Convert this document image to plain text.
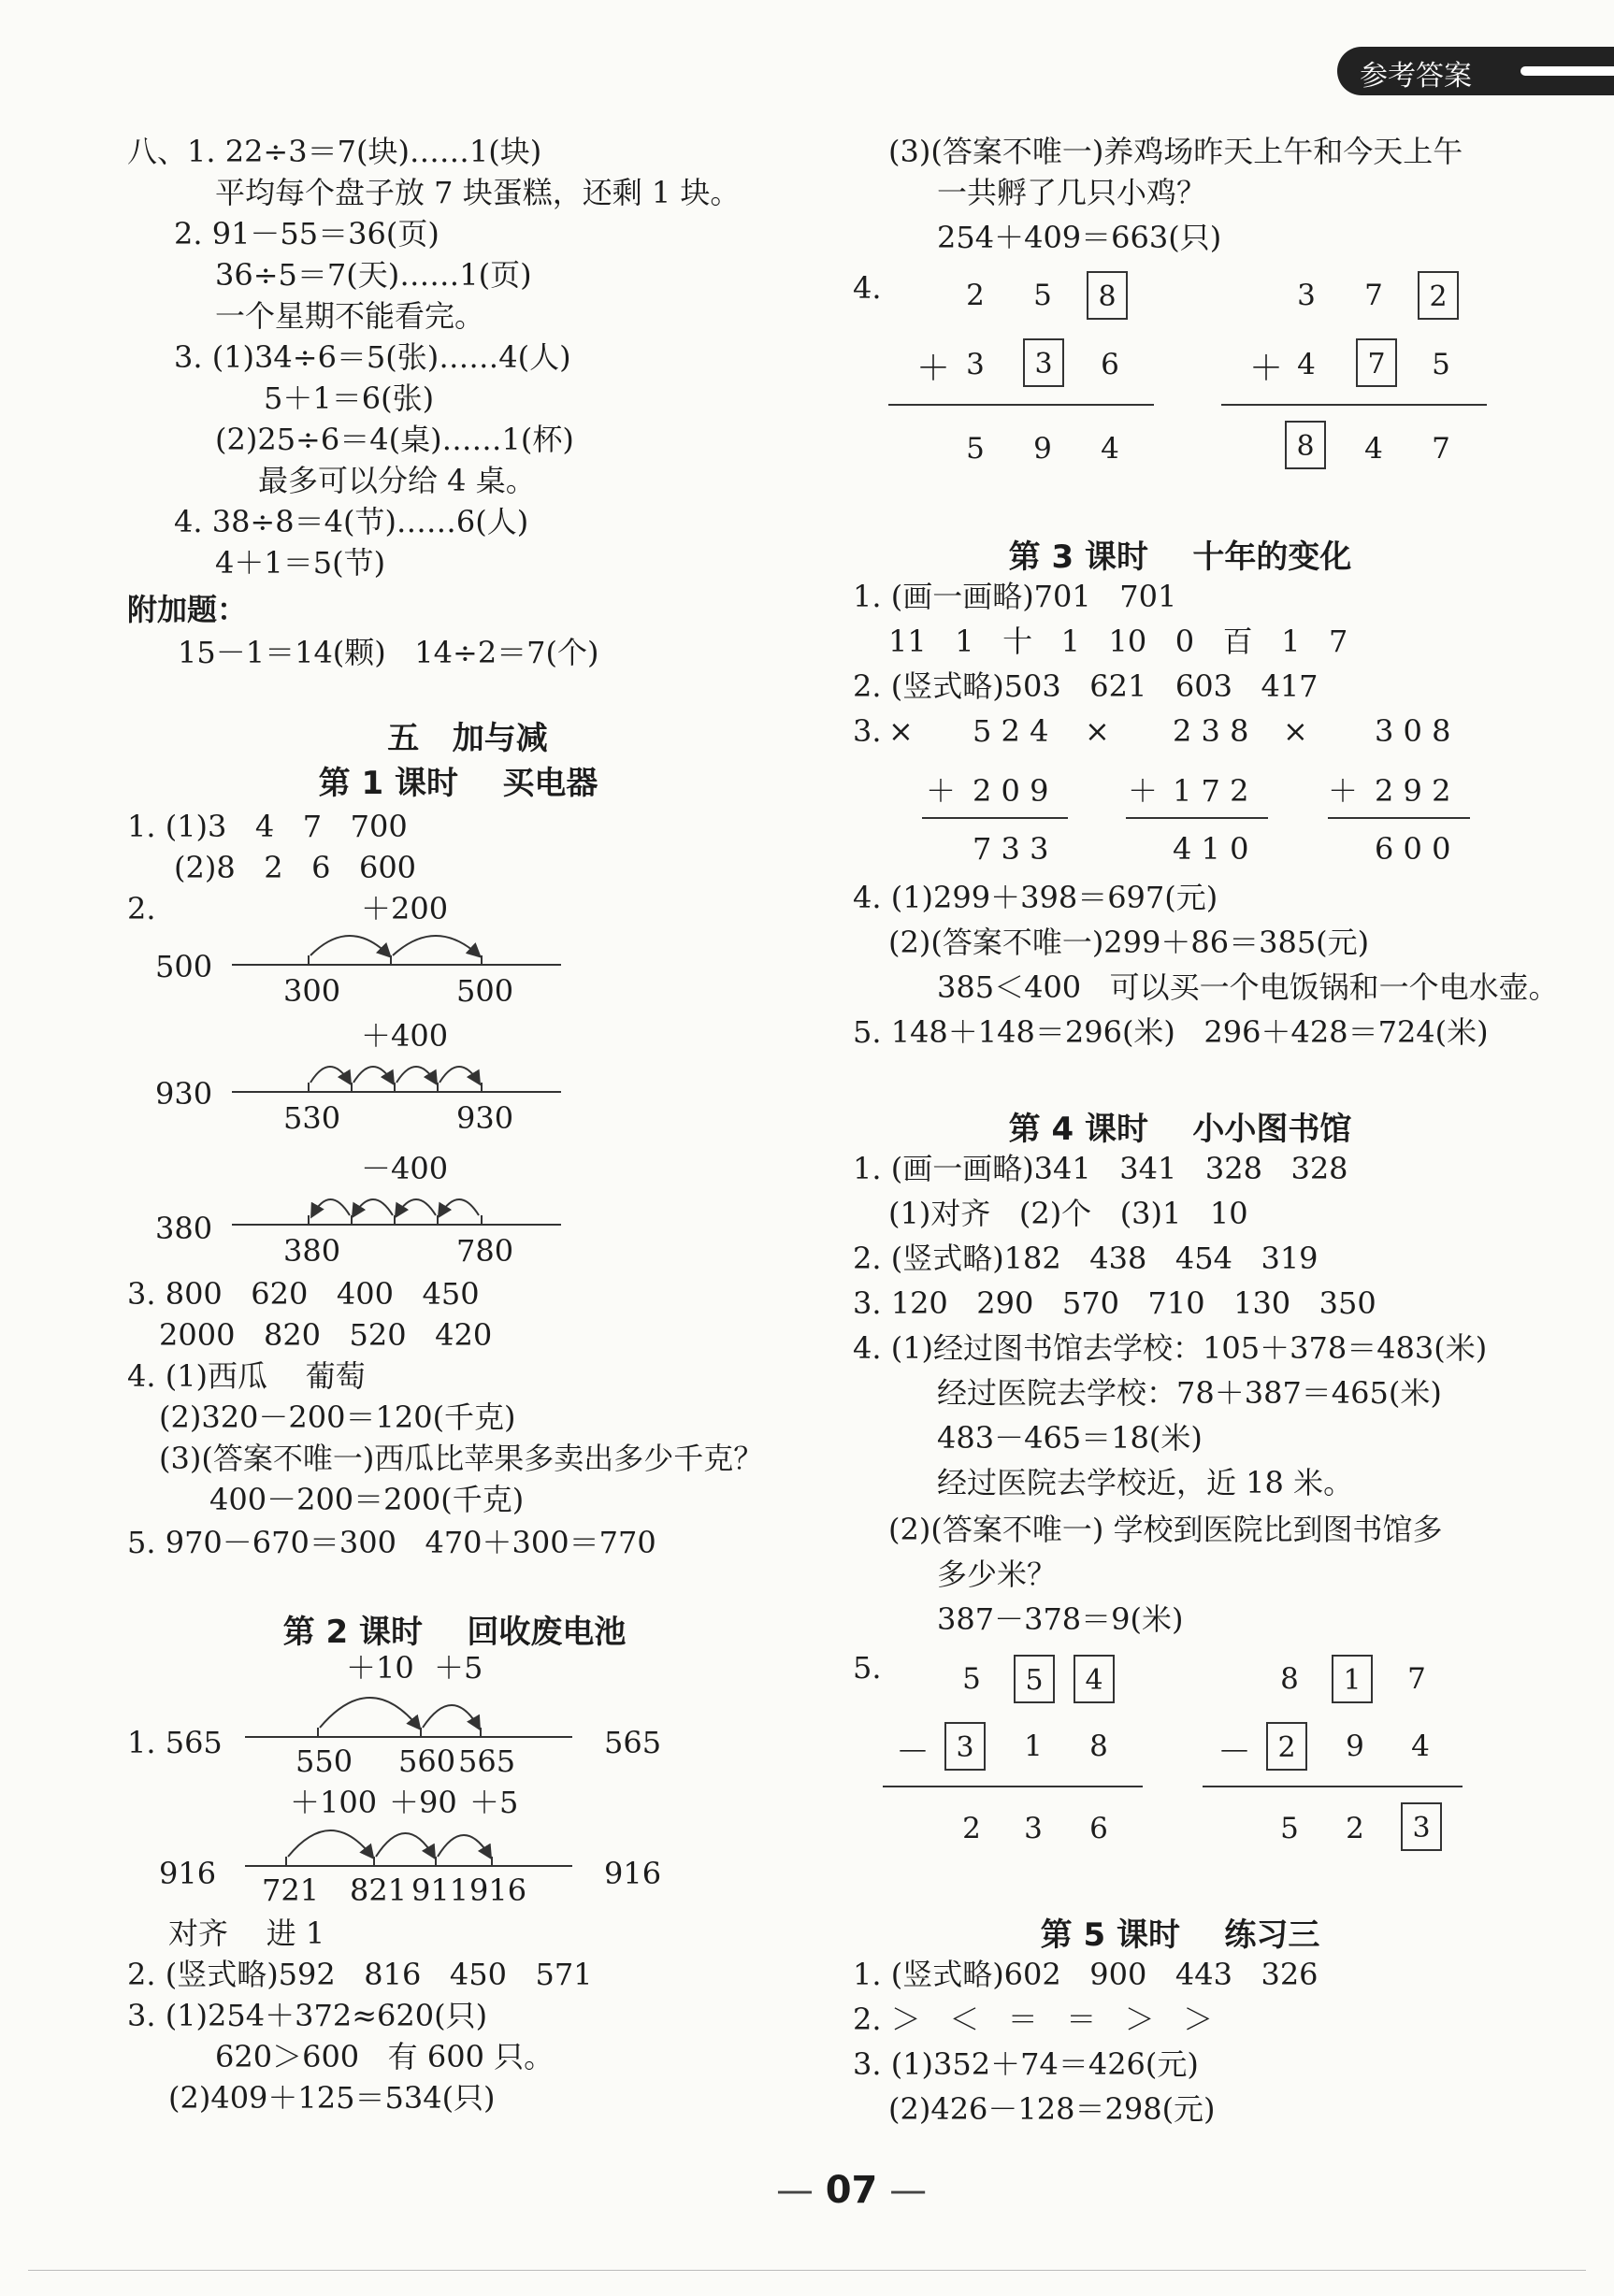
参考答案
八、1. 22÷3＝7(块)……1(块)
平均每个盘子放 7 块蛋糕，还剩 1 块。
2. 91－55＝36(页)
36÷5＝7(天)……1(页)
一个星期不能看完。
3. (1)34÷6＝5(张)……4(人)
5＋1＝6(张)
(2)25÷6＝4(桌)……1(杯)
最多可以分给 4 桌。
4. 38÷8＝4(节)……6(人)
4＋1＝5(节)
附加题：
15－1＝14(颗)   14÷2＝7(个)
五   加与减
第 1 课时    买电器
1. (1)3   4   7   700
(2)8   2   6   600
2.
500
＋200
300	500
930
＋400
530	930
380
－400
380	780
3. 800   620   400   450
2000   820   520   420
4. (1)西瓜    葡萄
(2)320－200＝120(千克)
(3)(答案不唯一)西瓜比苹果多卖出多少千克？
400－200＝200(千克)
5. 970－670＝300   470＋300＝770
第 2 课时    回收废电池
＋10 ＋5
1. 565	565
550 560 565
＋100 ＋90 ＋5
916	916
721 821 911 916
对齐    进 1
2. (竖式略)592   816   450   571
3. (1)254＋372≈620(只)
620＞600   有 600 只。
(2)409＋125＝534(只)
(3)(答案不唯一)养鸡场昨天上午和今天上午
一共孵了几只小鸡？
254＋409＝663(只)
4.	2	5	8
＋ 3	3	6
5	9	4
3	7	2
＋ 4	7	5
8	4	7
第 3 课时    十年的变化
1. (画一画略)701   701
11   1   十   1   10   0   百   1   7
2. (竖式略)503   621   603   417
3. × 5 2 4
＋ 2 0 9
7 3 3
× 2 3 8
＋ 1 7 2
4 1 0
× 3 0 8
＋ 2 9 2
6 0 0
4. (1)299＋398＝697(元)
(2)(答案不唯一)299＋86＝385(元)
385＜400   可以买一个电饭锅和一个电水壶。
5. 148＋148＝296(米)   296＋428＝724(米)
第 4 课时    小小图书馆
1. (画一画略)341   341   328   328
(1)对齐   (2)个   (3)1   10
2. (竖式略)182   438   454   319
3. 120   290   570   710   130   350
4. (1)经过图书馆去学校：105＋378＝483(米)
经过医院去学校：78＋387＝465(米)
483－465＝18(米)
经过医院去学校近，近 18 米。
(2)(答案不唯一) 学校到医院比到图书馆多
多少米？
387－378＝9(米)
5.	5	5	4
－ 3	1	8
2	3	6
8	1	7
－ 2	9	4
5	2	3
第 5 课时    练习三
1. (竖式略)602   900   443   326
2. ＞   ＜   ＝   ＝   ＞   ＞
3. (1)352＋74＝426(元)
(2)426－128＝298(元)
— 07 —
